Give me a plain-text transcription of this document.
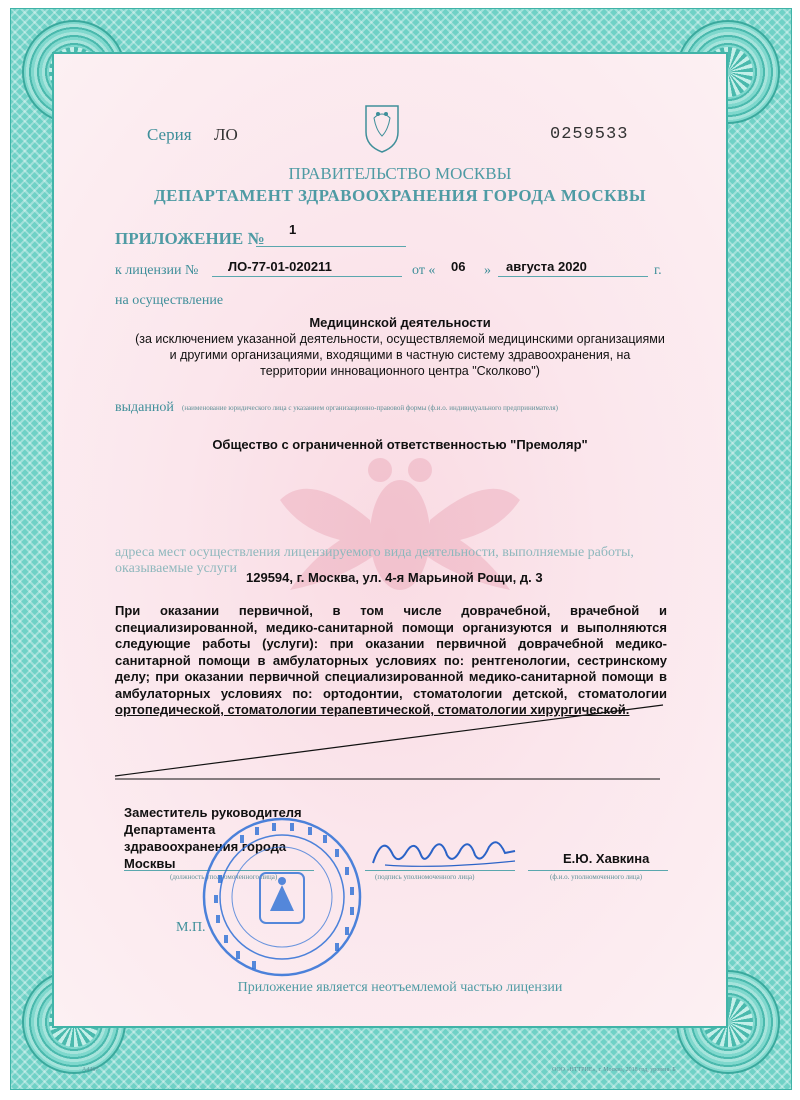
Серия ЛО	0259533
ПРАВИТЕЛЬСТВО МОСКВЫ
ДЕПАРТАМЕНТ ЗДРАВООХРАНЕНИЯ ГОРОДА МОСКВЫ
ПРИЛОЖЕНИЕ № 1
к лицензии № ЛО-77-01-020211	от « 06 » августа 2020	г.
на осуществление
Медицинской деятельности
(за исключением указанной деятельности, осуществляемой медицинскими организациями
и другими организациями, входящими в частную систему здравоохранения, на
территории инновационного центра "Сколково")
выданной (наименование юридического лица с указанием организационно-правовой формы (ф.и.о. индивидуального предпринимателя)
Общество с ограниченной ответственностью "Премоляр"
адреса мест осуществления лицензируемого вида деятельности, выполняемые работы,
оказываемые услуги
129594, г. Москва, ул. 4-я Марьиной Рощи, д. 3
При оказании первичной, в том числе доврачебной, врачебной и
специализированной, медико-санитарной помощи организуются и выполняются
следующие работы (услуги): при оказании первичной доврачебной медико-
санитарной помощи в амбулаторных условиях по: рентгенологии, сестринскому
делу; при оказании первичной специализированной медико-санитарной помощи в
амбулаторных условиях по: ортодонтии, стоматологии детской, стоматологии
ортопедической, стоматологии терапевтической, стоматологии хирургической.
Заместитель руководителя
Департамента
здравоохранения города
Москвы
(должность уполномоченного лица)	(подпись уполномоченного лица)	(ф.и.о. уполномоченного лица)
Е.Ю. Хавкина
М.П.
Приложение является неотъемлемой частью лицензии
А4407	ООО «НТТРИЕ», г. Москва, 2018 год, уровень Б
